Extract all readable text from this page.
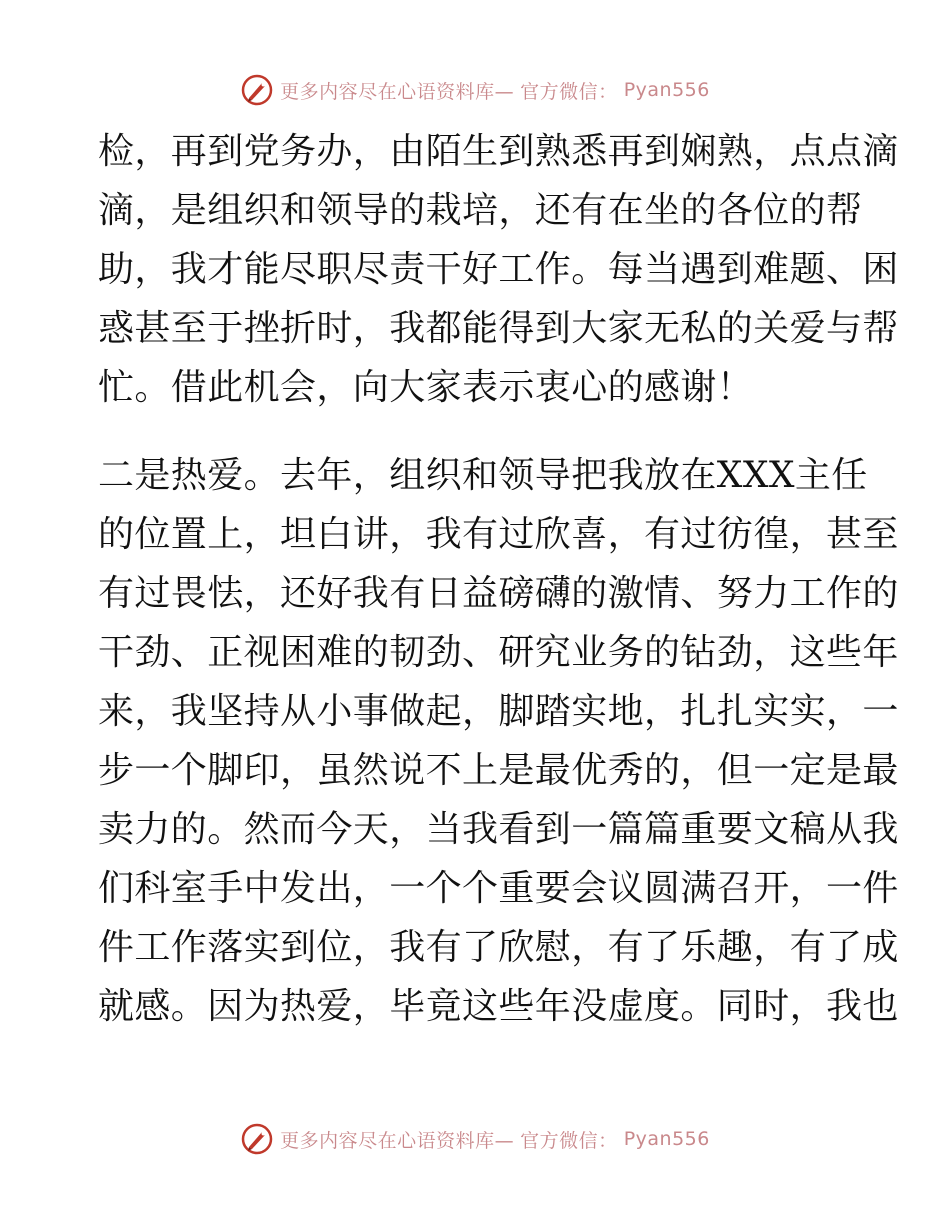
更多内容尽在心语资料库— 官方微信： Pyan556
检，再到党务办，由陌生到熟悉再到娴熟，点点滴
滴，是组织和领导的栽培，还有在坐的各位的帮
助，我才能尽职尽责干好工作。每当遇到难题、困
惑甚至于挫折时，我都能得到大家无私的关爱与帮
忙。借此机会，向大家表示衷心的感谢！
二是热爱。去年，组织和领导把我放在XXX主任
的位置上，坦白讲，我有过欣喜，有过彷徨，甚至
有过畏怯，还好我有日益磅礴的激情、努力工作的
干劲、正视困难的韧劲、研究业务的钻劲，这些年
来，我坚持从小事做起，脚踏实地，扎扎实实，一
步一个脚印，虽然说不上是最优秀的，但一定是最
卖力的。然而今天，当我看到一篇篇重要文稿从我
们科室手中发出，一个个重要会议圆满召开，一件
件工作落实到位，我有了欣慰，有了乐趣，有了成
就感。因为热爱，毕竟这些年没虚度。同时，我也
更多内容尽在心语资料库— 官方微信： Pyan556
